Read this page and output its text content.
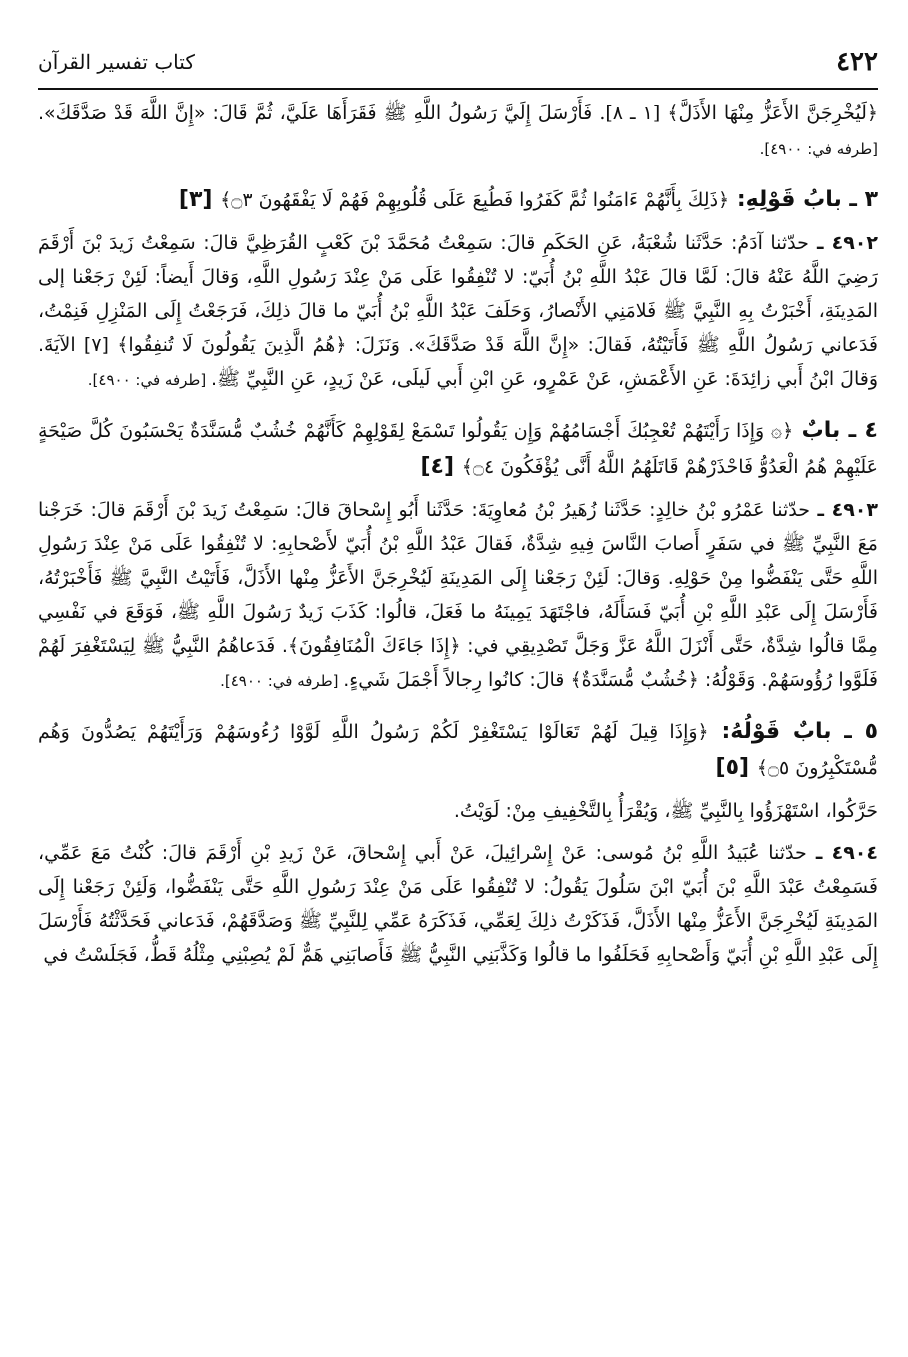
٤٢٢
كتاب تفسير القرآن

﴿لَيُخْرِجَنَّ الأَعَزُّ مِنْهَا الأَذَلَّ﴾ [١ ـ ٨]. فَأَرْسَلَ إِلَيَّ رَسُولُ اللَّهِ ﷺ فَقَرَأَهَا عَلَيَّ، ثُمَّ قَالَ: «إِنَّ اللَّهَ قَدْ صَدَّقَكَ». [طرفه في: ٤٩٠٠].

٣ ـ بابُ قَوْلِهِ: ﴿ذَلِكَ بِأَنَّهُمْ ءَامَنُوا ثُمَّ كَفَرُوا فَطُبِعَ عَلَى قُلُوبِهِمْ فَهُمْ لَا يَفْقَهُونَ ۝٣﴾ [٣]

٤٩٠٢ ـ حدّثنا آدَمُ: حَدَّثَنا شُعْبَةُ، عَنِ الحَكَمِ قالَ: سَمِعْتُ مُحَمَّدَ بْنَ كَعْبٍ القُرَظِيَّ قالَ: سَمِعْتُ زَيدَ بْنَ أَرْقَمَ رَضِيَ اللَّهُ عَنْهُ قالَ: لَمَّا قالَ عَبْدُ اللَّهِ بْنُ أُبَيّ: لا تُنْفِقُوا عَلَى مَنْ عِنْدَ رَسُولِ اللَّهِ، وَقالَ أَيضاً: لَئِنْ رَجَعْنا إلى المَدِينَةِ، أَخْبَرْتُ بِهِ النَّبِيَّ ﷺ فَلامَنِي الأَنْصارُ، وَحَلَفَ عَبْدُ اللَّهِ بْنُ أُبَيّ ما قالَ ذلِكَ، فَرَجَعْتُ إِلَى المَنْزِلِ فَنِمْتُ، فَدَعاني رَسُولُ اللَّهِ ﷺ فَأَتَيْتُهُ، فَقالَ: «إِنَّ اللَّهَ قَدْ صَدَّقَكَ». وَنَزَلَ: ﴿هُمُ الَّذِينَ يَقُولُونَ لَا تُنفِقُوا﴾ [٧] الآيَةَ. وَقالَ ابْنُ أَبي زائِدَةَ: عَنِ الأَعْمَشِ، عَنْ عَمْرٍو، عَنِ ابْنِ أَبي لَيلَى، عَنْ زَيدٍ، عَنِ النَّبِيِّ ﷺ. [طرفه في: ٤٩٠٠].

٤ ـ بابٌ ﴿۞ وَإِذَا رَأَيْتَهُمْ تُعْجِبُكَ أَجْسَامُهُمْ وَإِن يَقُولُوا تَسْمَعْ لِقَوْلِهِمْ كَأَنَّهُمْ خُشُبٌ مُّسَنَّدَةٌ يَحْسَبُونَ كُلَّ صَيْحَةٍ عَلَيْهِمْ هُمُ الْعَدُوُّ فَاحْذَرْهُمْ قَاتَلَهُمُ اللَّهُ أَنَّى يُؤْفَكُونَ ۝٤﴾ [٤]

٤٩٠٣ ـ حدّثنا عَمْرُو بْنُ خالِدٍ: حَدَّثَنا زُهَيرُ بْنُ مُعاوِيَةَ: حَدَّثَنا أَبُو إِسْحاقَ قالَ: سَمِعْتُ زَيدَ بْنَ أَرْقَمَ قالَ: خَرَجْنا مَعَ النَّبِيِّ ﷺ في سَفَرٍ أَصابَ النَّاسَ فِيهِ شِدَّةٌ، فَقالَ عَبْدُ اللَّهِ بْنُ أُبَيّ لأَصْحابِهِ: لا تُنْفِقُوا عَلَى مَنْ عِنْدَ رَسُولِ اللَّهِ حَتَّى يَنْفَضُّوا مِنْ حَوْلِهِ. وَقالَ: لَئِنْ رَجَعْنا إِلَى المَدِينَةِ لَيُخْرِجَنَّ الأَعَزُّ مِنْها الأَذَلَّ، فَأَتَيْتُ النَّبِيَّ ﷺ فَأَخْبَرْتُهُ، فَأَرْسَلَ إِلَى عَبْدِ اللَّهِ بْنِ أُبَيّ فَسَأَلَهُ، فاجْتَهَدَ يَمِينَهُ ما فَعَلَ، قالُوا: كَذَبَ زَيدٌ رَسُولَ اللَّهِ ﷺ، فَوَقَعَ في نَفْسِي مِمَّا قالُوا شِدَّةٌ، حَتَّى أَنْزَلَ اللَّهُ عَزَّ وَجَلَّ تَصْدِيقِي في: ﴿إِذَا جَاءَكَ الْمُنَافِقُونَ﴾. فَدَعاهُمُ النَّبِيُّ ﷺ لِيَسْتَغْفِرَ لَهُمْ فَلَوَّوا رُؤُوسَهُمْ. وَقَوْلُهُ: ﴿خُشُبٌ مُّسَنَّدَةٌ﴾ قالَ: كانُوا رِجالاً أَجْمَلَ شَيءٍ. [طرفه في: ٤٩٠٠].

٥ ـ بابٌ قَوْلُهُ: ﴿وَإِذَا قِيلَ لَهُمْ تَعَالَوْا يَسْتَغْفِرْ لَكُمْ رَسُولُ اللَّهِ لَوَّوْا رُءُوسَهُمْ وَرَأَيْتَهُمْ يَصُدُّونَ وَهُم مُّسْتَكْبِرُونَ ۝٥﴾ [٥]

حَرَّكُوا، اسْتَهْزَؤُوا بِالنَّبِيِّ ﷺ، وَيُقْرَأُ بِالتَّخْفِيفِ مِنْ: لَوَيْتُ.

٤٩٠٤ ـ حدّثنا عُبَيدُ اللَّهِ بْنُ مُوسى: عَنْ إِسْرائِيلَ، عَنْ أَبي إِسْحاقَ، عَنْ زَيدِ بْنِ أَرْقَمَ قالَ: كُنْتُ مَعَ عَمِّي، فَسَمِعْتُ عَبْدَ اللَّهِ بْنَ أُبَيّ ابْنَ سَلُولَ يَقُولُ: لا تُنْفِقُوا عَلَى مَنْ عِنْدَ رَسُولِ اللَّهِ حَتَّى يَنْفَضُّوا، وَلَئِنْ رَجَعْنا إِلَى المَدِينَةِ لَيُخْرِجَنَّ الأَعَزُّ مِنْها الأَذَلَّ، فَذَكَرْتُ ذلِكَ لِعَمِّي، فَذَكَرَهُ عَمِّي لِلنَّبِيِّ ﷺ وَصَدَّقَهُمْ، فَدَعاني فَحَدَّثْتُهُ فَأَرْسَلَ إِلَى عَبْدِ اللَّهِ بْنِ أُبَيّ وَأَصْحابِهِ فَحَلَفُوا ما قالُوا وَكَذَّبَنِي النَّبِيُّ ﷺ فَأَصابَنِي هَمٌّ لَمْ يُصِبْنِي مِثْلُهُ قَطُّ، فَجَلَسْتُ في
